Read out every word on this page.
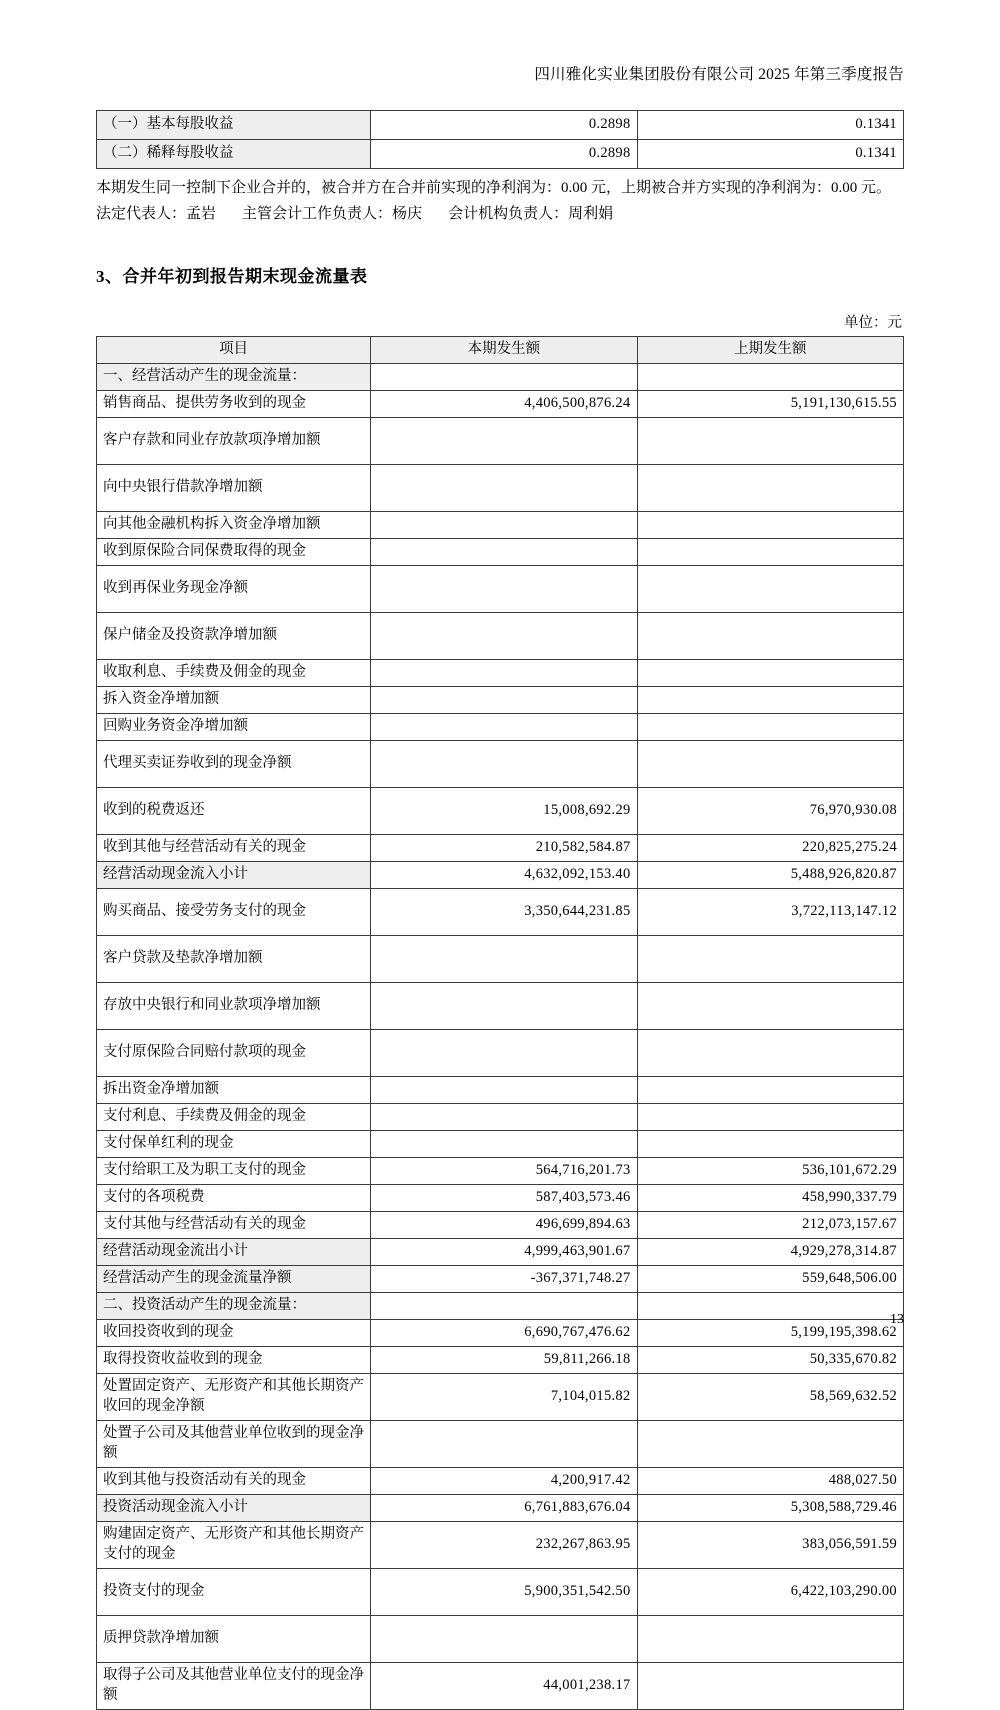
四川雅化实业集团股份有限公司 2025 年第三季度报告
（一）基本每股收益	0.2898	0.1341
（二）稀释每股收益	0.2898	0.1341
本期发生同一控制下企业合并的，被合并方在合并前实现的净利润为：0.00 元，上期被合并方实现的净利润为：0.00 元。
法定代表人：孟岩 主管会计工作负责人：杨庆 会计机构负责人：周利娟
3、合并年初到报告期末现金流量表
单位：元
项目	本期发生额	上期发生额
一、经营活动产生的现金流量：		
销售商品、提供劳务收到的现金	4,406,500,876.24	5,191,130,615.55
客户存款和同业存放款项净增加额		
向中央银行借款净增加额		
向其他金融机构拆入资金净增加额		
收到原保险合同保费取得的现金		
收到再保业务现金净额		
保户储金及投资款净增加额		
收取利息、手续费及佣金的现金		
拆入资金净增加额		
回购业务资金净增加额		
代理买卖证券收到的现金净额		
收到的税费返还	15,008,692.29	76,970,930.08
收到其他与经营活动有关的现金	210,582,584.87	220,825,275.24
经营活动现金流入小计	4,632,092,153.40	5,488,926,820.87
购买商品、接受劳务支付的现金	3,350,644,231.85	3,722,113,147.12
客户贷款及垫款净增加额		
存放中央银行和同业款项净增加额		
支付原保险合同赔付款项的现金		
拆出资金净增加额		
支付利息、手续费及佣金的现金		
支付保单红利的现金		
支付给职工及为职工支付的现金	564,716,201.73	536,101,672.29
支付的各项税费	587,403,573.46	458,990,337.79
支付其他与经营活动有关的现金	496,699,894.63	212,073,157.67
经营活动现金流出小计	4,999,463,901.67	4,929,278,314.87
经营活动产生的现金流量净额	-367,371,748.27	559,648,506.00
二、投资活动产生的现金流量：		
收回投资收到的现金	6,690,767,476.62	5,199,195,398.62
取得投资收益收到的现金	59,811,266.18	50,335,670.82
处置固定资产、无形资产和其他长期资产收回的现金净额	7,104,015.82	58,569,632.52
处置子公司及其他营业单位收到的现金净额		
收到其他与投资活动有关的现金	4,200,917.42	488,027.50
投资活动现金流入小计	6,761,883,676.04	5,308,588,729.46
购建固定资产、无形资产和其他长期资产支付的现金	232,267,863.95	383,056,591.59
投资支付的现金	5,900,351,542.50	6,422,103,290.00
质押贷款净增加额		
取得子公司及其他营业单位支付的现金净额	44,001,238.17	
13
